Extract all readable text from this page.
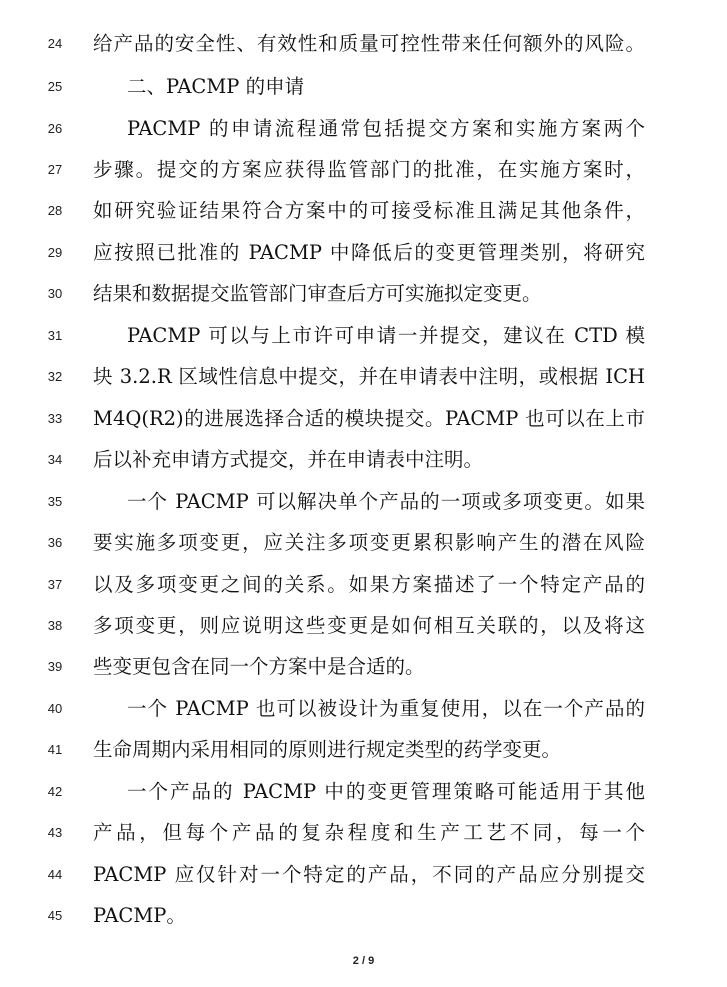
24	给产品的安全性、有效性和质量可控性带来任何额外的风险。
25	二、PACMP 的申请
26	PACMP 的申请流程通常包括提交方案和实施方案两个
27	步骤。提交的方案应获得监管部门的批准，在实施方案时，
28	如研究验证结果符合方案中的可接受标准且满足其他条件，
29	应按照已批准的 PACMP 中降低后的变更管理类别，将研究
30	结果和数据提交监管部门审查后方可实施拟定变更。
31	PACMP 可以与上市许可申请一并提交，建议在 CTD 模
32	块 3.2.R 区域性信息中提交，并在申请表中注明，或根据 ICH
33	M4Q(R2)的进展选择合适的模块提交。PACMP 也可以在上市
34	后以补充申请方式提交，并在申请表中注明。
35	一个 PACMP 可以解决单个产品的一项或多项变更。如果
36	要实施多项变更，应关注多项变更累积影响产生的潜在风险
37	以及多项变更之间的关系。如果方案描述了一个特定产品的
38	多项变更，则应说明这些变更是如何相互关联的，以及将这
39	些变更包含在同一个方案中是合适的。
40	一个 PACMP 也可以被设计为重复使用，以在一个产品的
41	生命周期内采用相同的原则进行规定类型的药学变更。
42	一个产品的 PACMP 中的变更管理策略可能适用于其他
43	产品，但每个产品的复杂程度和生产工艺不同，每一个
44	PACMP 应仅针对一个特定的产品，不同的产品应分别提交
45	PACMP。
2 / 9
